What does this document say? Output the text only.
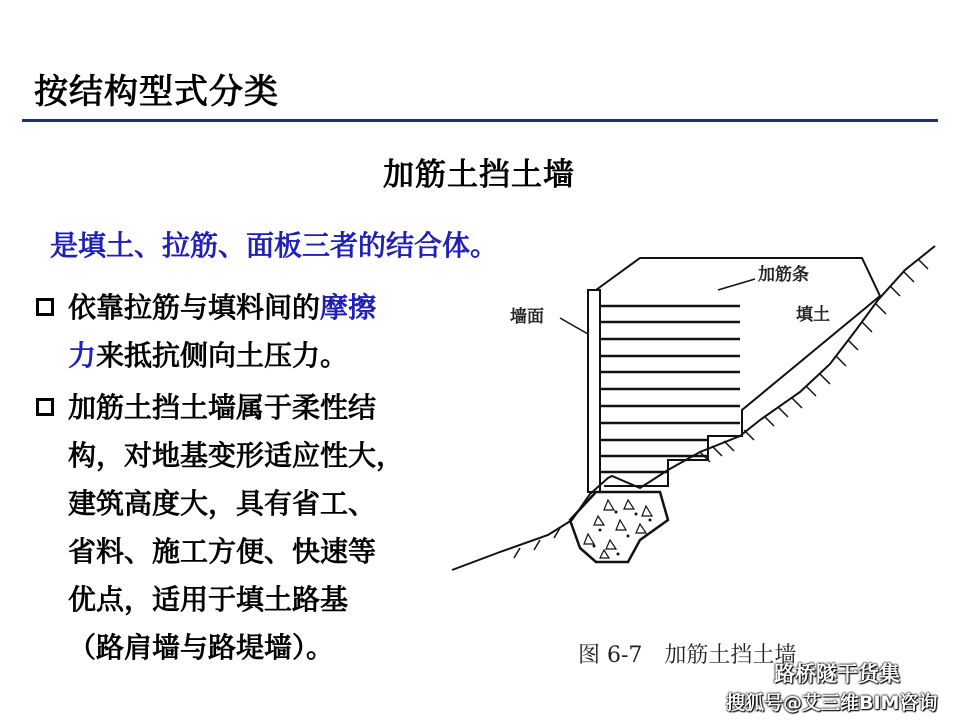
按结构型式分类
加筋土挡土墙
是填土、拉筋、面板三者的结合体。
依靠拉筋与填料间的摩擦
力来抵抗侧向土压力。
加筋土挡土墙属于柔性结
构，对地基变形适应性大，
建筑高度大，具有省工、
省料、施工方便、快速等
优点，适用于填土路基
（路肩墙与路堤墙）。
墙面
加筋条
填土
图 6-7　加筋土挡土墙
路桥隧干货集
搜狐号@艾三维BIM咨询
